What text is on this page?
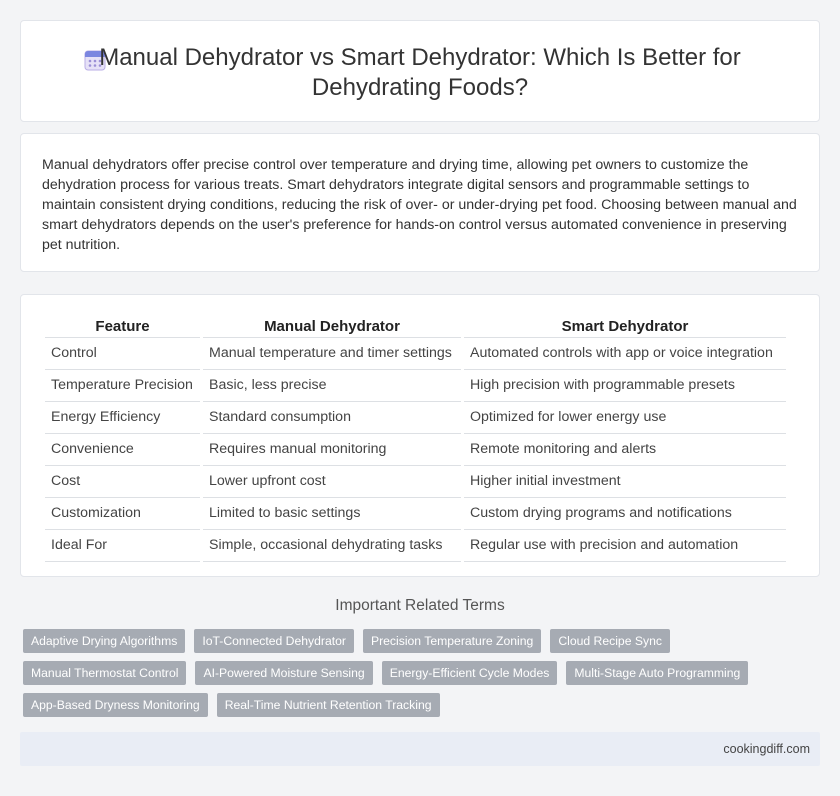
Manual Dehydrator vs Smart Dehydrator: Which Is Better for Dehydrating Foods?

Manual dehydrators offer precise control over temperature and drying time, allowing pet owners to customize the dehydration process for various treats. Smart dehydrators integrate digital sensors and programmable settings to maintain consistent drying conditions, reducing the risk of over- or under-drying pet food. Choosing between manual and smart dehydrators depends on the user's preference for hands-on control versus automated convenience in preserving pet nutrition.

Feature	Manual Dehydrator	Smart Dehydrator
Control	Manual temperature and timer settings	Automated controls with app or voice integration
Temperature Precision	Basic, less precise	High precision with programmable presets
Energy Efficiency	Standard consumption	Optimized for lower energy use
Convenience	Requires manual monitoring	Remote monitoring and alerts
Cost	Lower upfront cost	Higher initial investment
Customization	Limited to basic settings	Custom drying programs and notifications
Ideal For	Simple, occasional dehydrating tasks	Regular use with precision and automation
Important Related Terms
Adaptive Drying Algorithms	IoT-Connected Dehydrator	Precision Temperature Zoning	Cloud Recipe Sync
Manual Thermostat Control	AI-Powered Moisture Sensing	Energy-Efficient Cycle Modes	Multi-Stage Auto Programming
App-Based Dryness Monitoring	Real-Time Nutrient Retention Tracking
cookingdiff.com
